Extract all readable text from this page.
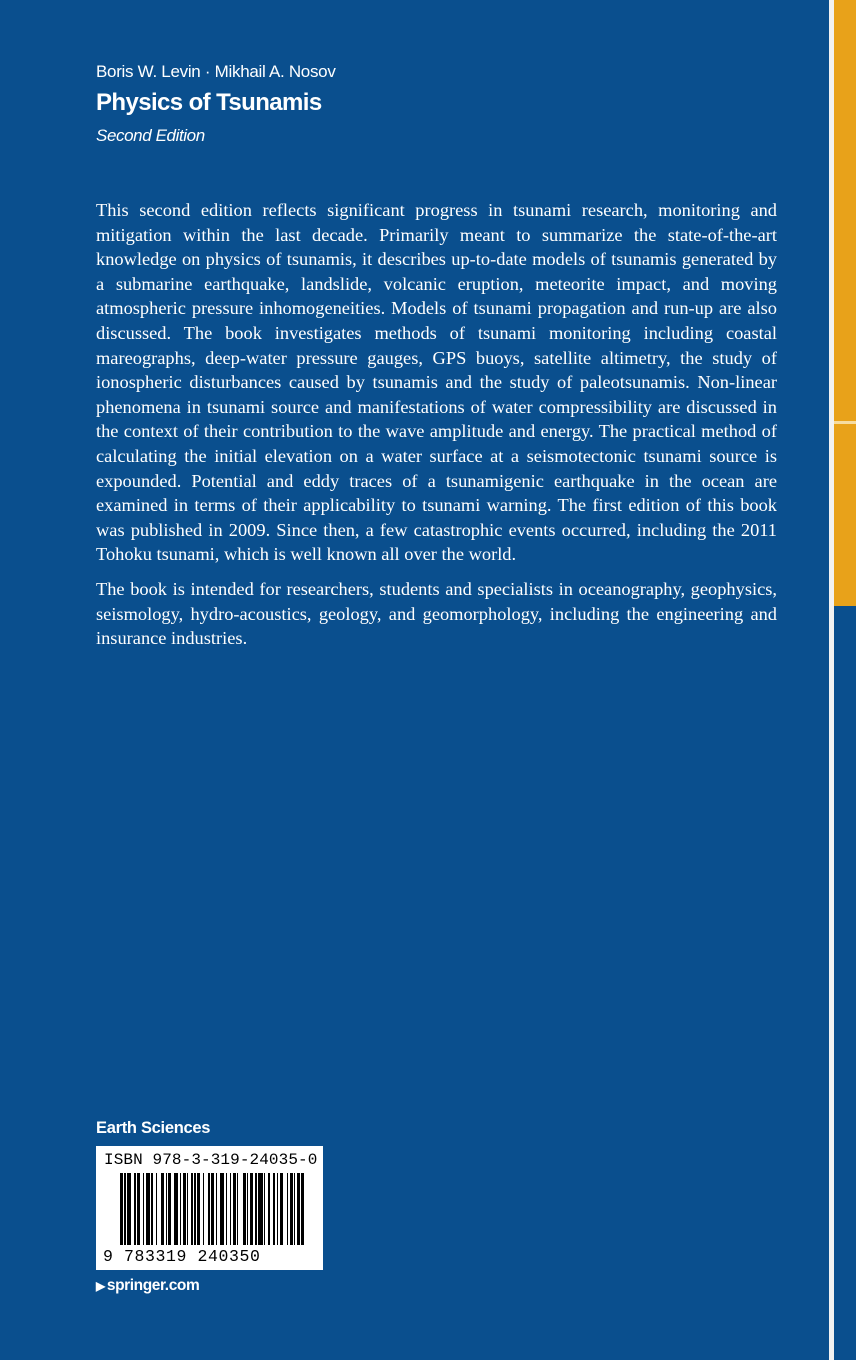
Boris W. Levin · Mikhail A. Nosov
Physics of Tsunamis
Second Edition

This second edition reflects significant progress in tsunami research, monitoring and mitigation within the last decade. Primarily meant to summarize the state-of-the-art knowledge on physics of tsunamis, it describes up-to-date models of tsunamis generated by a submarine earthquake, landslide, volcanic eruption, meteorite impact, and moving atmospheric pressure inhomogeneities. Models of tsunami propagation and run-up are also discussed. The book investigates methods of tsunami monitoring including coastal mareographs, deep-water pressure gauges, GPS buoys, satellite altimetry, the study of ionospheric disturbances caused by tsunamis and the study of paleotsunamis. Non-linear phenomena in tsunami source and manifestations of water compressibility are discussed in the context of their contribution to the wave amplitude and energy. The practical method of calculating the initial elevation on a water surface at a seismotectonic tsunami source is expounded. Potential and eddy traces of a tsunamigenic earthquake in the ocean are examined in terms of their applicability to tsunami warning. The first edition of this book was published in 2009. Since then, a few catastrophic events occurred, including the 2011 Tohoku tsunami, which is well known all over the world.

The book is intended for researchers, students and specialists in oceanography, geophysics, seismology, hydro-acoustics, geology, and geomorphology, including the engineering and insurance industries.

Earth Sciences
ISBN 978-3-319-24035-0
9 783319 240350
▶ springer.com
